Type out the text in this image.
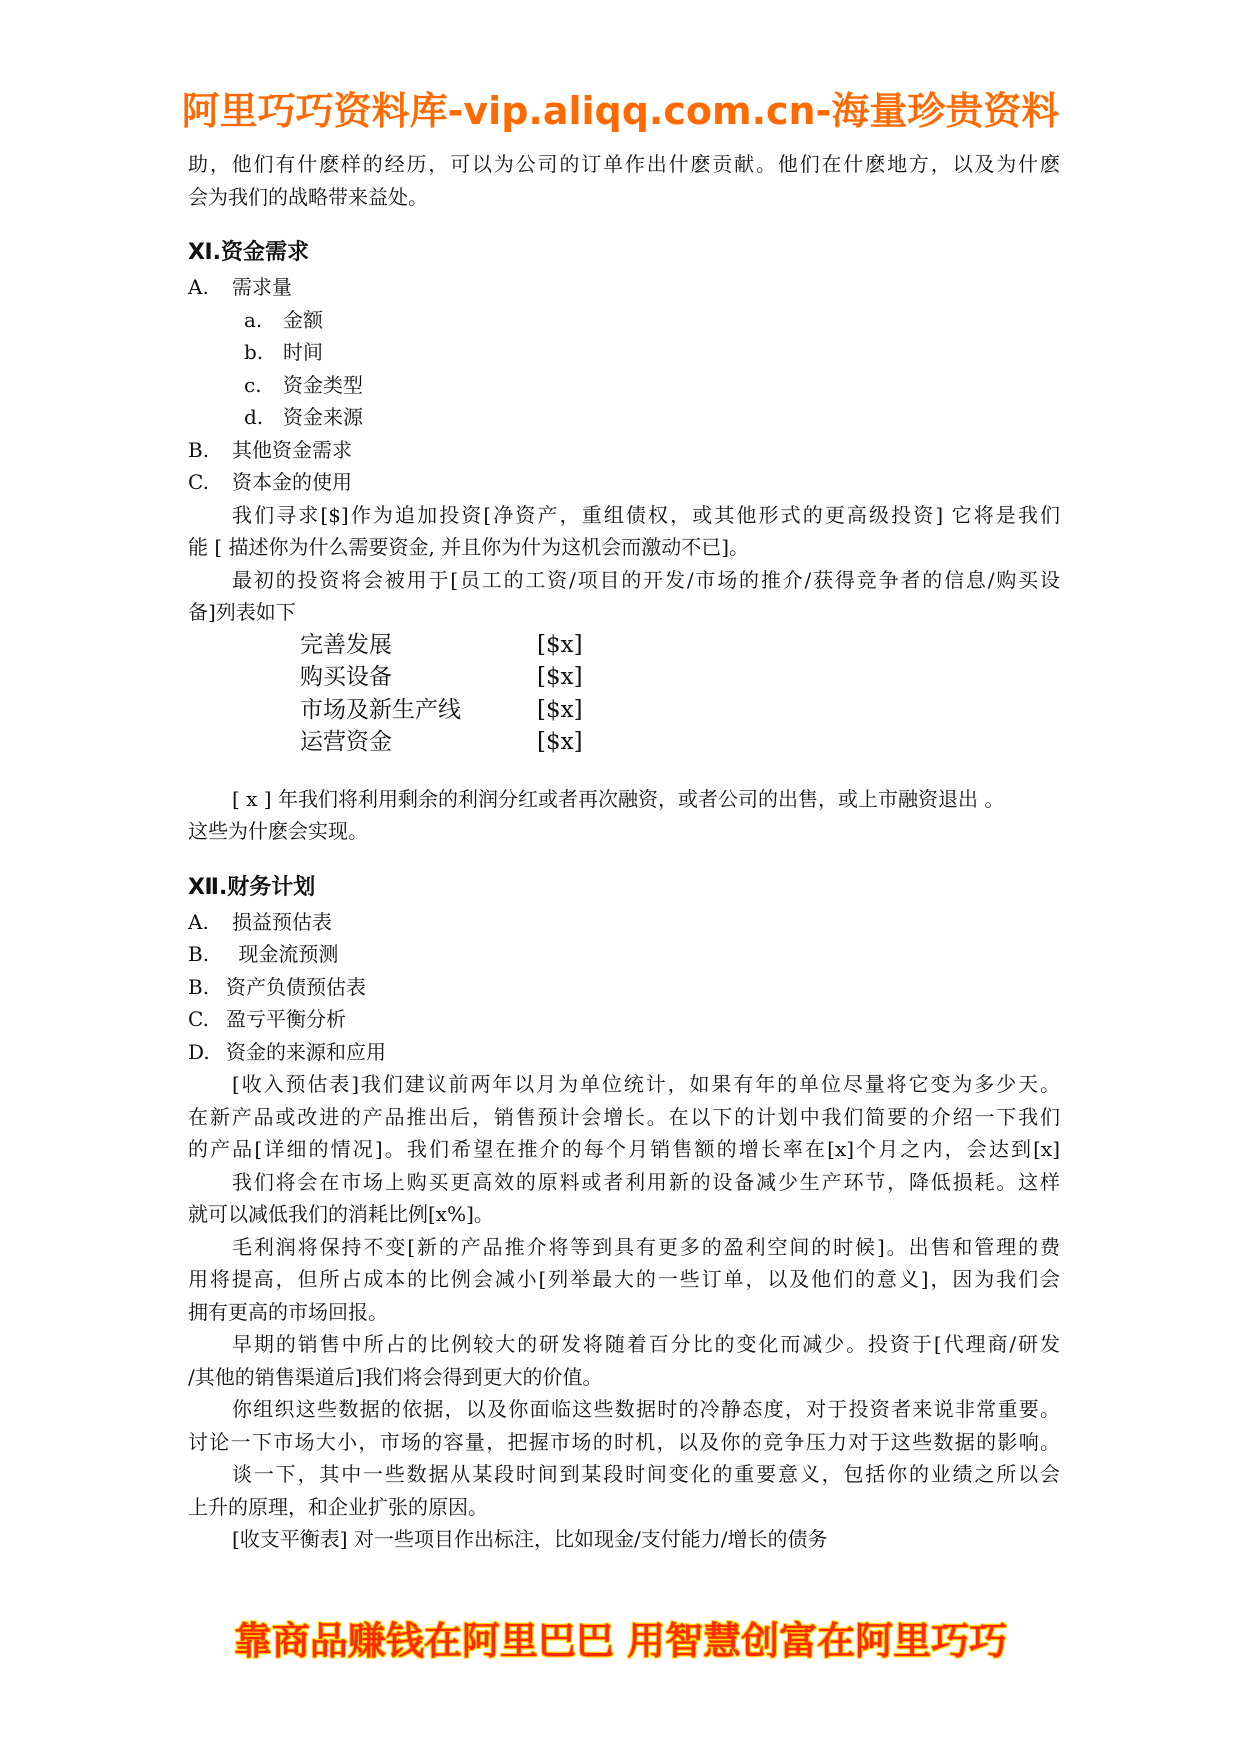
阿里巧巧资料库-vip.aliqq.com.cn-海量珍贵资料
助，他们有什麽样的经历，可以为公司的订单作出什麽贡献。他们在什麽地方，以及为什麽
会为我们的战略带来益处。
Ⅺ.资金需求
A. 需求量
a. 金额
b. 时间
c. 资金类型
d. 资金来源
B. 其他资金需求
C. 资本金的使用
我们寻求[$]作为追加投资[净资产，重组债权，或其他形式的更高级投资] 它将是我们
能 [ 描述你为什么需要资金, 并且你为什为这机会而激动不已]。
最初的投资将会被用于[员工的工资/项目的开发/市场的推介/获得竞争者的信息/购买设
备]列表如下
完善发展	[$x]
购买设备	[$x]
市场及新生产线	[$x]
运营资金	[$x]
[ x ] 年我们将利用剩余的利润分红或者再次融资，或者公司的出售，或上市融资退出 。
这些为什麽会实现。
Ⅻ.财务计划
A. 损益预估表
B. 现金流预测
B. 资产负债预估表
C. 盈亏平衡分析
D. 资金的来源和应用
[收入预估表]我们建议前两年以月为单位统计，如果有年的单位尽量将它变为多少天。
在新产品或改进的产品推出后，销售预计会增长。在以下的计划中我们简要的介绍一下我们
的产品[详细的情况]。我们希望在推介的每个月销售额的增长率在[x]个月之内，会达到[x]
我们将会在市场上购买更高效的原料或者利用新的设备减少生产环节，降低损耗。这样
就可以减低我们的消耗比例[x%]。
毛利润将保持不变[新的产品推介将等到具有更多的盈利空间的时候]。出售和管理的费
用将提高，但所占成本的比例会减小[列举最大的一些订单，以及他们的意义]，因为我们会
拥有更高的市场回报。
早期的销售中所占的比例较大的研发将随着百分比的变化而减少。投资于[代理商/研发
/其他的销售渠道后]我们将会得到更大的价值。
你组织这些数据的依据，以及你面临这些数据时的冷静态度，对于投资者来说非常重要。
讨论一下市场大小，市场的容量，把握市场的时机，以及你的竞争压力对于这些数据的影响。
谈一下，其中一些数据从某段时间到某段时间变化的重要意义，包括你的业绩之所以会
上升的原理，和企业扩张的原因。
[收支平衡表] 对一些项目作出标注，比如现金/支付能力/增长的债务
靠商品赚钱在阿里巴巴 用智慧创富在阿里巧巧
